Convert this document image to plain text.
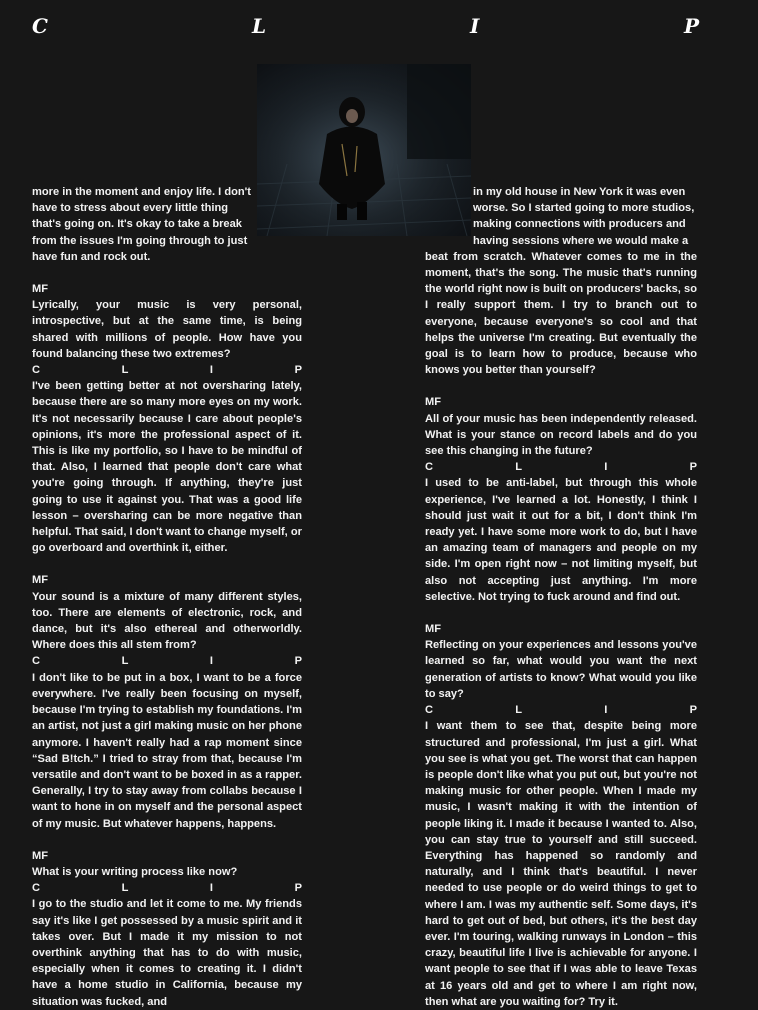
C	L	I	P

more in the moment and enjoy life. I don't

have to stress about every little thing

that's going on. It's okay to take a break

from the issues I'm going through to just

have fun and rock out.

MF

Lyrically, your music is very personal, introspective, but at the same time, is being shared with millions of people. How have you found balancing these two extremes?

C	L	I	P

I've been getting better at not oversharing lately, because there are so many more eyes on my work. It's not necessarily because I care about people's opinions, it's more the professional aspect of it. This is like my portfolio, so I have to be mindful of that. Also, I learned that people don't care what you're going through. If anything, they're just going to use it against you. That was a good life lesson – oversharing can be more negative than helpful. That said, I don't want to change myself, or go overboard and overthink it, either.

MF

Your sound is a mixture of many different styles, too. There are elements of electronic, rock, and dance, but it's also ethereal and otherworldly. Where does this all stem from?

C	L	I	P

I don't like to be put in a box, I want to be a force everywhere. I've really been focusing on myself, because I'm trying to establish my foundations. I'm an artist, not just a girl making music on her phone anymore. I haven't really had a rap moment since “Sad B!tch.” I tried to stray from that, because I'm versatile and don't want to be boxed in as a rapper. Generally, I try to stay away from collabs because I want to hone in on myself and the personal aspect of my music. But whatever happens, happens.

MF

What is your writing process like now?

C	L	I	P

I go to the studio and let it come to me. My friends say it's like I get possessed by a music spirit and it takes over. But I made it my mission to not overthink anything that has to do with music, especially when it comes to creating it. I didn't have a home studio in California, because my situation was fucked, and

in my old house in New York it was even

worse. So I started going to more studios,

making connections with producers and

having sessions where we would make a

beat from scratch. Whatever comes to me in the moment, that's the song. The music that's running the world right now is built on producers' backs, so I really support them. I try to branch out to everyone, because everyone's so cool and that helps the universe I'm creating. But eventually the goal is to learn how to produce, because who knows you better than yourself?

MF

All of your music has been independently released. What is your stance on record labels and do you see this changing in the future?

C	L	I	P

I used to be anti-label, but through this whole experience, I've learned a lot. Honestly, I think I should just wait it out for a bit, I don't think I'm ready yet. I have some more work to do, but I have an amazing team of managers and people on my side. I'm open right now – not limiting myself, but also not accepting just anything. I'm more selective. Not trying to fuck around and find out.

MF

Reflecting on your experiences and lessons you've learned so far, what would you want the next generation of artists to know? What would you like to say?

C	L	I	P

I want them to see that, despite being more structured and professional, I'm just a girl. What you see is what you get. The worst that can happen is people don't like what you put out, but you're not making music for other people. When I made my music, I wasn't making it with the intention of people liking it. I made it because I wanted to. Also, you can stay true to yourself and still succeed. Everything has happened so randomly and naturally, and I think that's beautiful. I never needed to use people or do weird things to get to where I am. I was my authentic self. Some days, it's hard to get out of bed, but others, it's the best day ever. I'm touring, walking runways in London – this crazy, beautiful life I live is achievable for anyone. I want people to see that if I was able to leave Texas at 16 years old and get to where I am right now, then what are you waiting for? Try it.
